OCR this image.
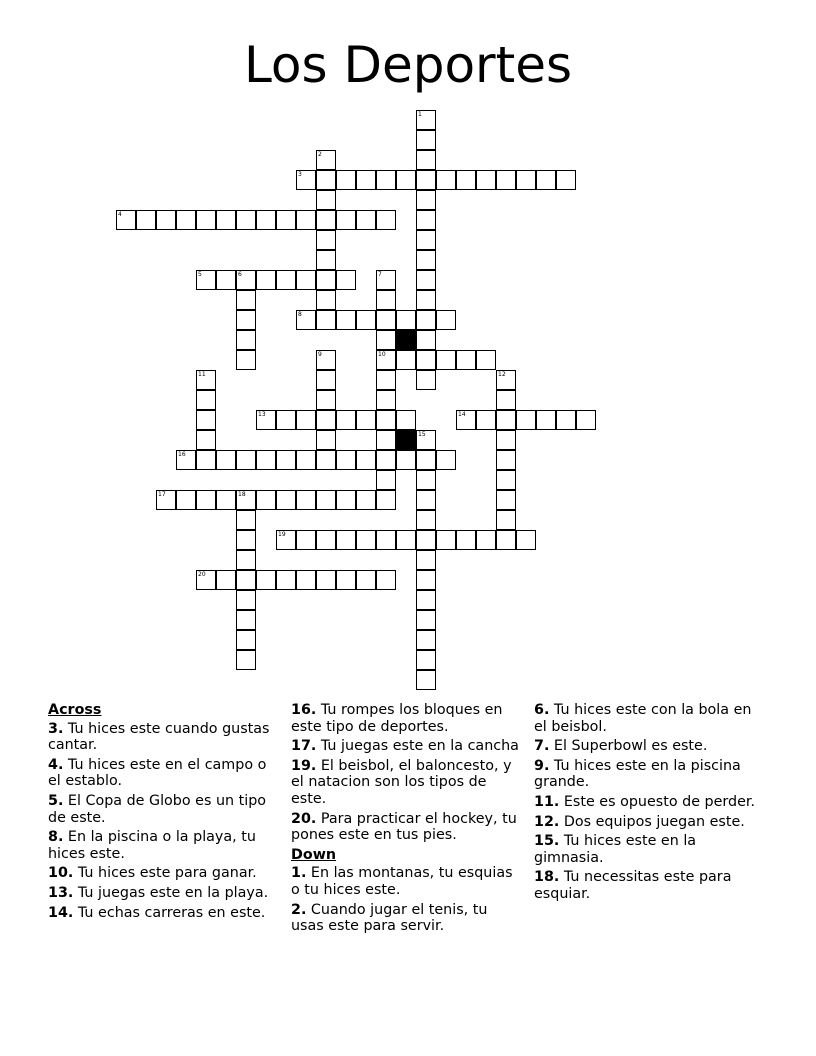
Los Deportes
1
2
3
4
5	6	7
10
8
9
11	12
13	14
15
16
17	18
19
20
Across
3. Tu hices este cuando gustas cantar.
4. Tu hices este en el campo o el establo.
5. El Copa de Globo es un tipo de este.
8. En la piscina o la playa, tu hices este.
10. Tu hices este para ganar.
13. Tu juegas este en la playa.
14. Tu echas carreras en este.
16. Tu rompes los bloques en este tipo de deportes.
17. Tu juegas este en la cancha
19. El beisbol, el baloncesto, y el natacion son los tipos de este.
20. Para practicar el hockey, tu pones este en tus pies.
Down
1. En las montanas, tu esquias o tu hices este.
2. Cuando jugar el tenis, tu usas este para servir.
6. Tu hices este con la bola en el beisbol.
7. El Superbowl es este.
9. Tu hices este en la piscina grande.
11. Este es opuesto de perder.
12. Dos equipos juegan este.
15. Tu hices este en la gimnasia.
18. Tu necessitas este para esquiar.
